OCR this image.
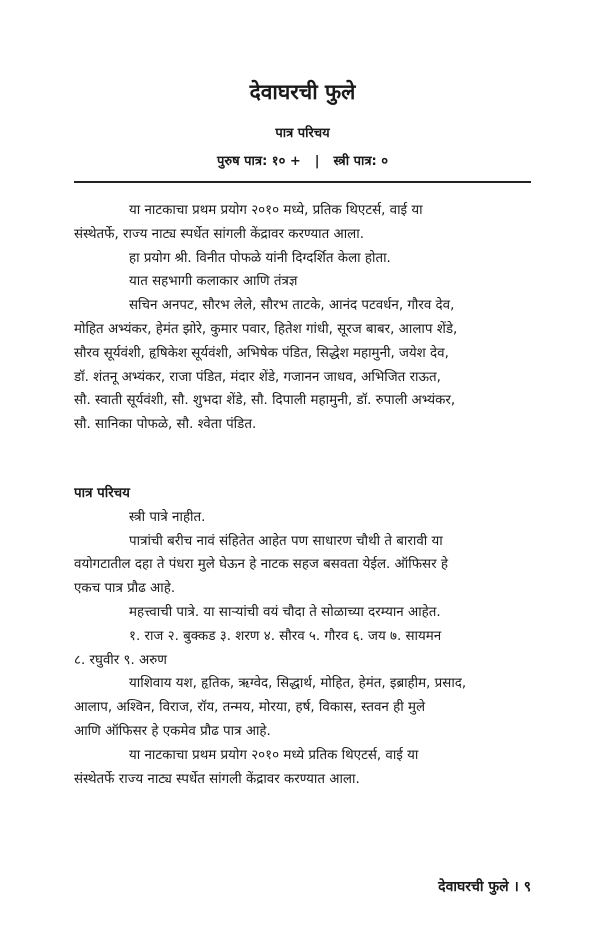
देवाघरची फुले
पात्र परिचय
पुरुष पात्र: १० + | स्त्री पात्र: ०
या नाटकाचा प्रथम प्रयोग २०१० मध्ये, प्रतिक थिएटर्स, वाई या
संस्थेतर्फे, राज्य नाट्य स्पर्धेत सांगली केंद्रावर करण्यात आला.
हा प्रयोग श्री. विनीत पोफळे यांनी दिग्दर्शित केला होता.
यात सहभागी कलाकार आणि तंत्रज्ञ
सचिन अनपट, सौरभ लेले, सौरभ ताटके, आनंद पटवर्धन, गौरव देव,
मोहित अभ्यंकर, हेमंत झोरे, कुमार पवार, हितेश गांधी, सूरज बाबर, आलाप शेंडे,
सौरव सूर्यवंशी, हृषिकेश सूर्यवंशी, अभिषेक पंडित, सिद्धेश महामुनी, जयेश देव,
डॉ. शंतनू अभ्यंकर, राजा पंडित, मंदार शेंडे, गजानन जाधव, अभिजित राऊत,
सौ. स्वाती सूर्यवंशी, सौ. शुभदा शेंडे, सौ. दिपाली महामुनी, डॉ. रुपाली अभ्यंकर,
सौ. सानिका पोफळे, सौ. श्वेता पंडित.
पात्र परिचय
स्त्री पात्रे नाहीत.
पात्रांची बरीच नावं संहितेत आहेत पण साधारण चौथी ते बारावी या
वयोगटातील दहा ते पंधरा मुले घेऊन हे नाटक सहज बसवता येईल. ऑफिसर हे
एकच पात्र प्रौढ आहे.
महत्त्वाची पात्रे. या साऱ्यांची वयं चौदा ते सोळाच्या दरम्यान आहेत.
१. राज २. बुक्कड ३. शरण ४. सौरव ५. गौरव ६. जय ७. सायमन
८. रघुवीर ९. अरुण
याशिवाय यश, हृतिक, ऋग्वेद, सिद्धार्थ, मोहित, हेमंत, इब्राहीम, प्रसाद,
आलाप, अश्विन, विराज, रॉय, तन्मय, मोरया, हर्ष, विकास, स्तवन ही मुले
आणि ऑफिसर हे एकमेव प्रौढ पात्र आहे.
या नाटकाचा प्रथम प्रयोग २०१० मध्ये प्रतिक थिएटर्स, वाई या
संस्थेतर्फे राज्य नाट्य स्पर्धेत सांगली केंद्रावर करण्यात आला.
देवाघरची फुले । ९
